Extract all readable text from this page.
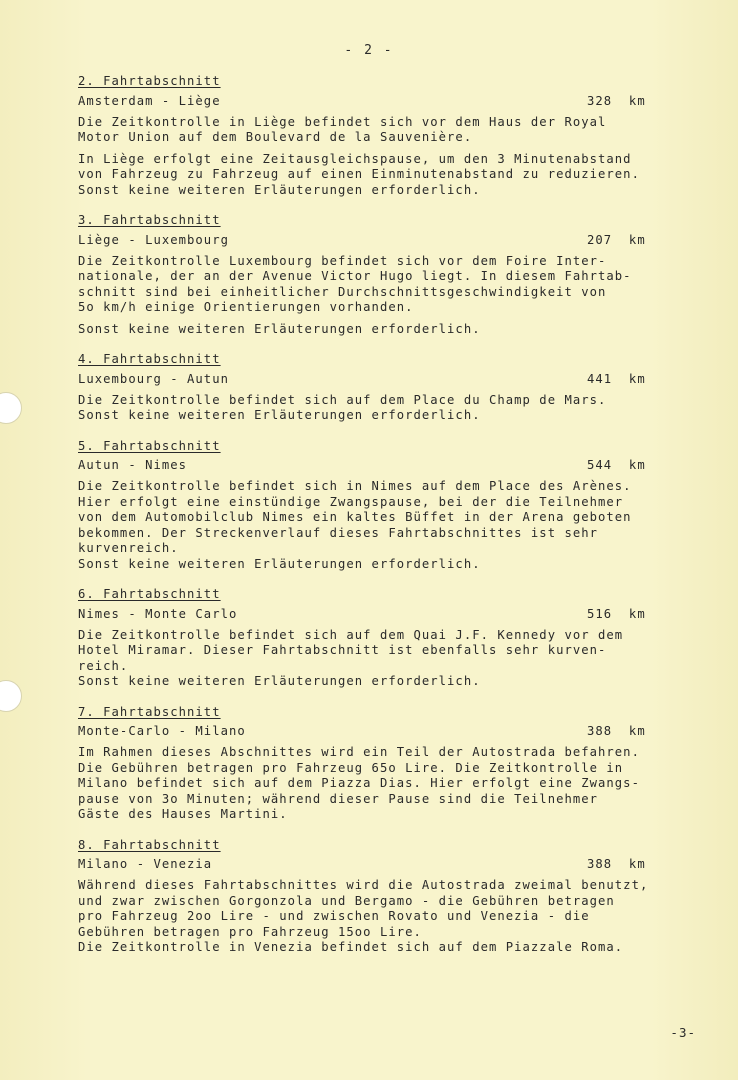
- 2 -
2. Fahrtabschnitt
Amsterdam - Liège	328  km
Die Zeitkontrolle in Liège befindet sich vor dem Haus der Royal
Motor Union auf dem Boulevard de la Sauvenière.
In Liège erfolgt eine Zeitausgleichspause, um den 3 Minutenabstand
von Fahrzeug zu Fahrzeug auf einen Einminutenabstand zu reduzieren.
Sonst keine weiteren Erläuterungen erforderlich.
3. Fahrtabschnitt
Liège - Luxembourg	207  km
Die Zeitkontrolle Luxembourg befindet sich vor dem Foire Inter-
nationale, der an der Avenue Victor Hugo liegt. In diesem Fahrtab-
schnitt sind bei einheitlicher Durchschnittsgeschwindigkeit von
5o km/h einige Orientierungen vorhanden.
Sonst keine weiteren Erläuterungen erforderlich.
4. Fahrtabschnitt
Luxembourg - Autun	441  km
Die Zeitkontrolle befindet sich auf dem Place du Champ de Mars.
Sonst keine weiteren Erläuterungen erforderlich.
5. Fahrtabschnitt
Autun - Nimes	544  km
Die Zeitkontrolle befindet sich in Nimes auf dem Place des Arènes.
Hier erfolgt eine einstündige Zwangspause, bei der die Teilnehmer
von dem Automobilclub Nimes ein kaltes Büffet in der Arena geboten
bekommen. Der Streckenverlauf dieses Fahrtabschnittes ist sehr
kurvenreich.
Sonst keine weiteren Erläuterungen erforderlich.
6. Fahrtabschnitt
Nimes - Monte Carlo	516  km
Die Zeitkontrolle befindet sich auf dem Quai J.F. Kennedy vor dem
Hotel Miramar. Dieser Fahrtabschnitt ist ebenfalls sehr kurven-
reich.
Sonst keine weiteren Erläuterungen erforderlich.
7. Fahrtabschnitt
Monte-Carlo - Milano	388  km
Im Rahmen dieses Abschnittes wird ein Teil der Autostrada befahren.
Die Gebühren betragen pro Fahrzeug 65o Lire. Die Zeitkontrolle in
Milano befindet sich auf dem Piazza Dias. Hier erfolgt eine Zwangs-
pause von 3o Minuten; während dieser Pause sind die Teilnehmer
Gäste des Hauses Martini.
8. Fahrtabschnitt
Milano - Venezia	388  km
Während dieses Fahrtabschnittes wird die Autostrada zweimal benutzt,
und zwar zwischen Gorgonzola und Bergamo - die Gebühren betragen
pro Fahrzeug 2oo Lire - und zwischen Rovato und Venezia - die
Gebühren betragen pro Fahrzeug 15oo Lire.
Die Zeitkontrolle in Venezia befindet sich auf dem Piazzale Roma.
-3-
